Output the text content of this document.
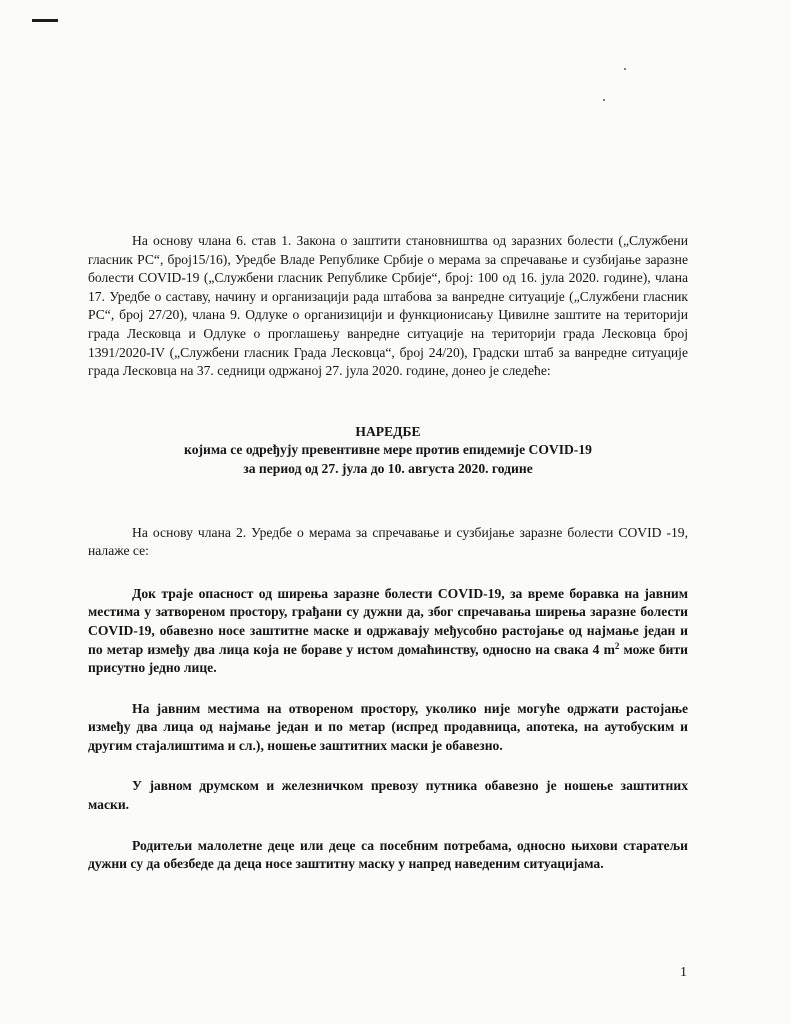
На основу члана 6. став 1. Закона о заштити становништва од заразних болести („Службени гласник РС“, број15/16), Уредбе Владе Републике Србије о мерама за спречавање и сузбијање заразне болести COVID-19 („Службени гласник Републике Србије“, број: 100 од 16. јула 2020. године), члана 17. Уредбе о саставу, начину и организацији рада штабова за ванредне ситуације („Службени гласник РС“, број 27/20), члана 9. Одлуке о организицији и функционисању Цивилне заштите на територији града Лесковца и Одлуке о проглашењу ванредне ситуације на територији града Лесковца број 1391/2020-IV („Службени гласник Града Лесковца“, број 24/20), Градски штаб за ванредне ситуације града Лесковца на 37. седници одржаној 27. јула 2020. године, донео је следеће:

НАРЕДБЕ
којима се одређују превентивне мере против епидемије COVID-19
за период од 27. јула до 10. августа 2020. године

На основу члана 2. Уредбе о мерама за спречавање и сузбијање заразне болести COVID -19, налаже се:

Док траје опасност од ширења заразне болести COVID-19, за време боравка на јавним местима у затвореном простору, грађани су дужни да, због спречавања ширења заразне болести COVID-19, обавезно носе заштитне маске и одржавају међусобно растојање од најмање један и по метар између два лица која не бораве у истом домаћинству, односно на свака 4 $m^2$ може бити присутно једно лице.

На јавним местима на отвореном простору, уколико није могуће одржати растојање између два лица од најмање један и по метар (испред продавница, апотека, на аутобуским и другим стајалиштима и сл.), ношење заштитних маски је обавезно.

У јавном друмском и железничком превозу путника обавезно је ношење заштитних маски.

Родитељи малолетне деце или деце са посебним потребама, односно њихови старатељи дужни су да обезбеде да деца носе заштитну маску у напред наведеним ситуацијама.

1
